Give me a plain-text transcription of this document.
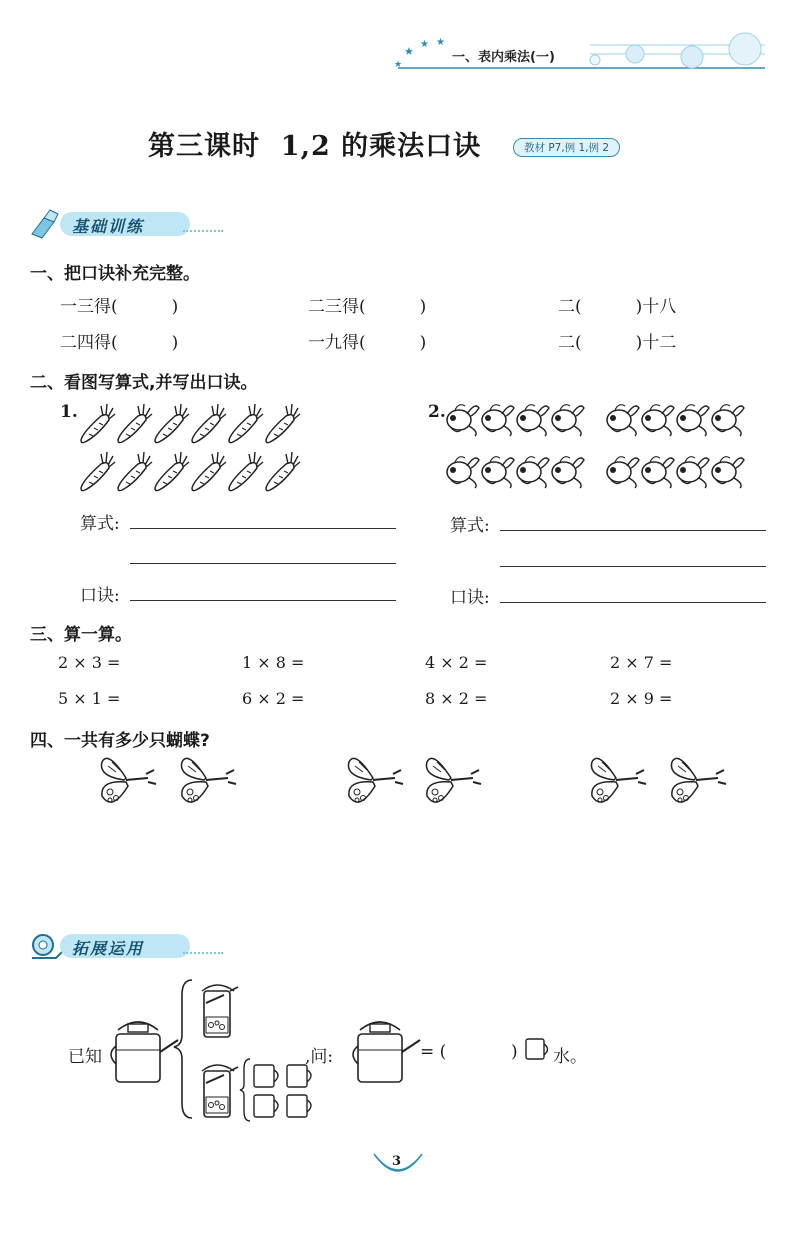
★
★ ★
★	一、表内乘法(一)
第三课时  1,2 的乘法口诀	教材 P7,例 1,例 2
基础训练
一、把口诀补充完整。
一三得(          )	二三得(          )	二(          )十八
二四得(          )	一九得(          )	二(          )十二
二、看图写算式,并写出口诀。
1.	2.
算式:
口诀:
算式:
口诀:
三、算一算。
2 × 3 =	1 × 8 =	4 × 2 =	2 × 7 =
5 × 1 =	6 × 2 =	8 × 2 =	2 × 9 =
四、一共有多少只蝴蝶?
拓展运用
已知	,问:	= (	) 水。
3
